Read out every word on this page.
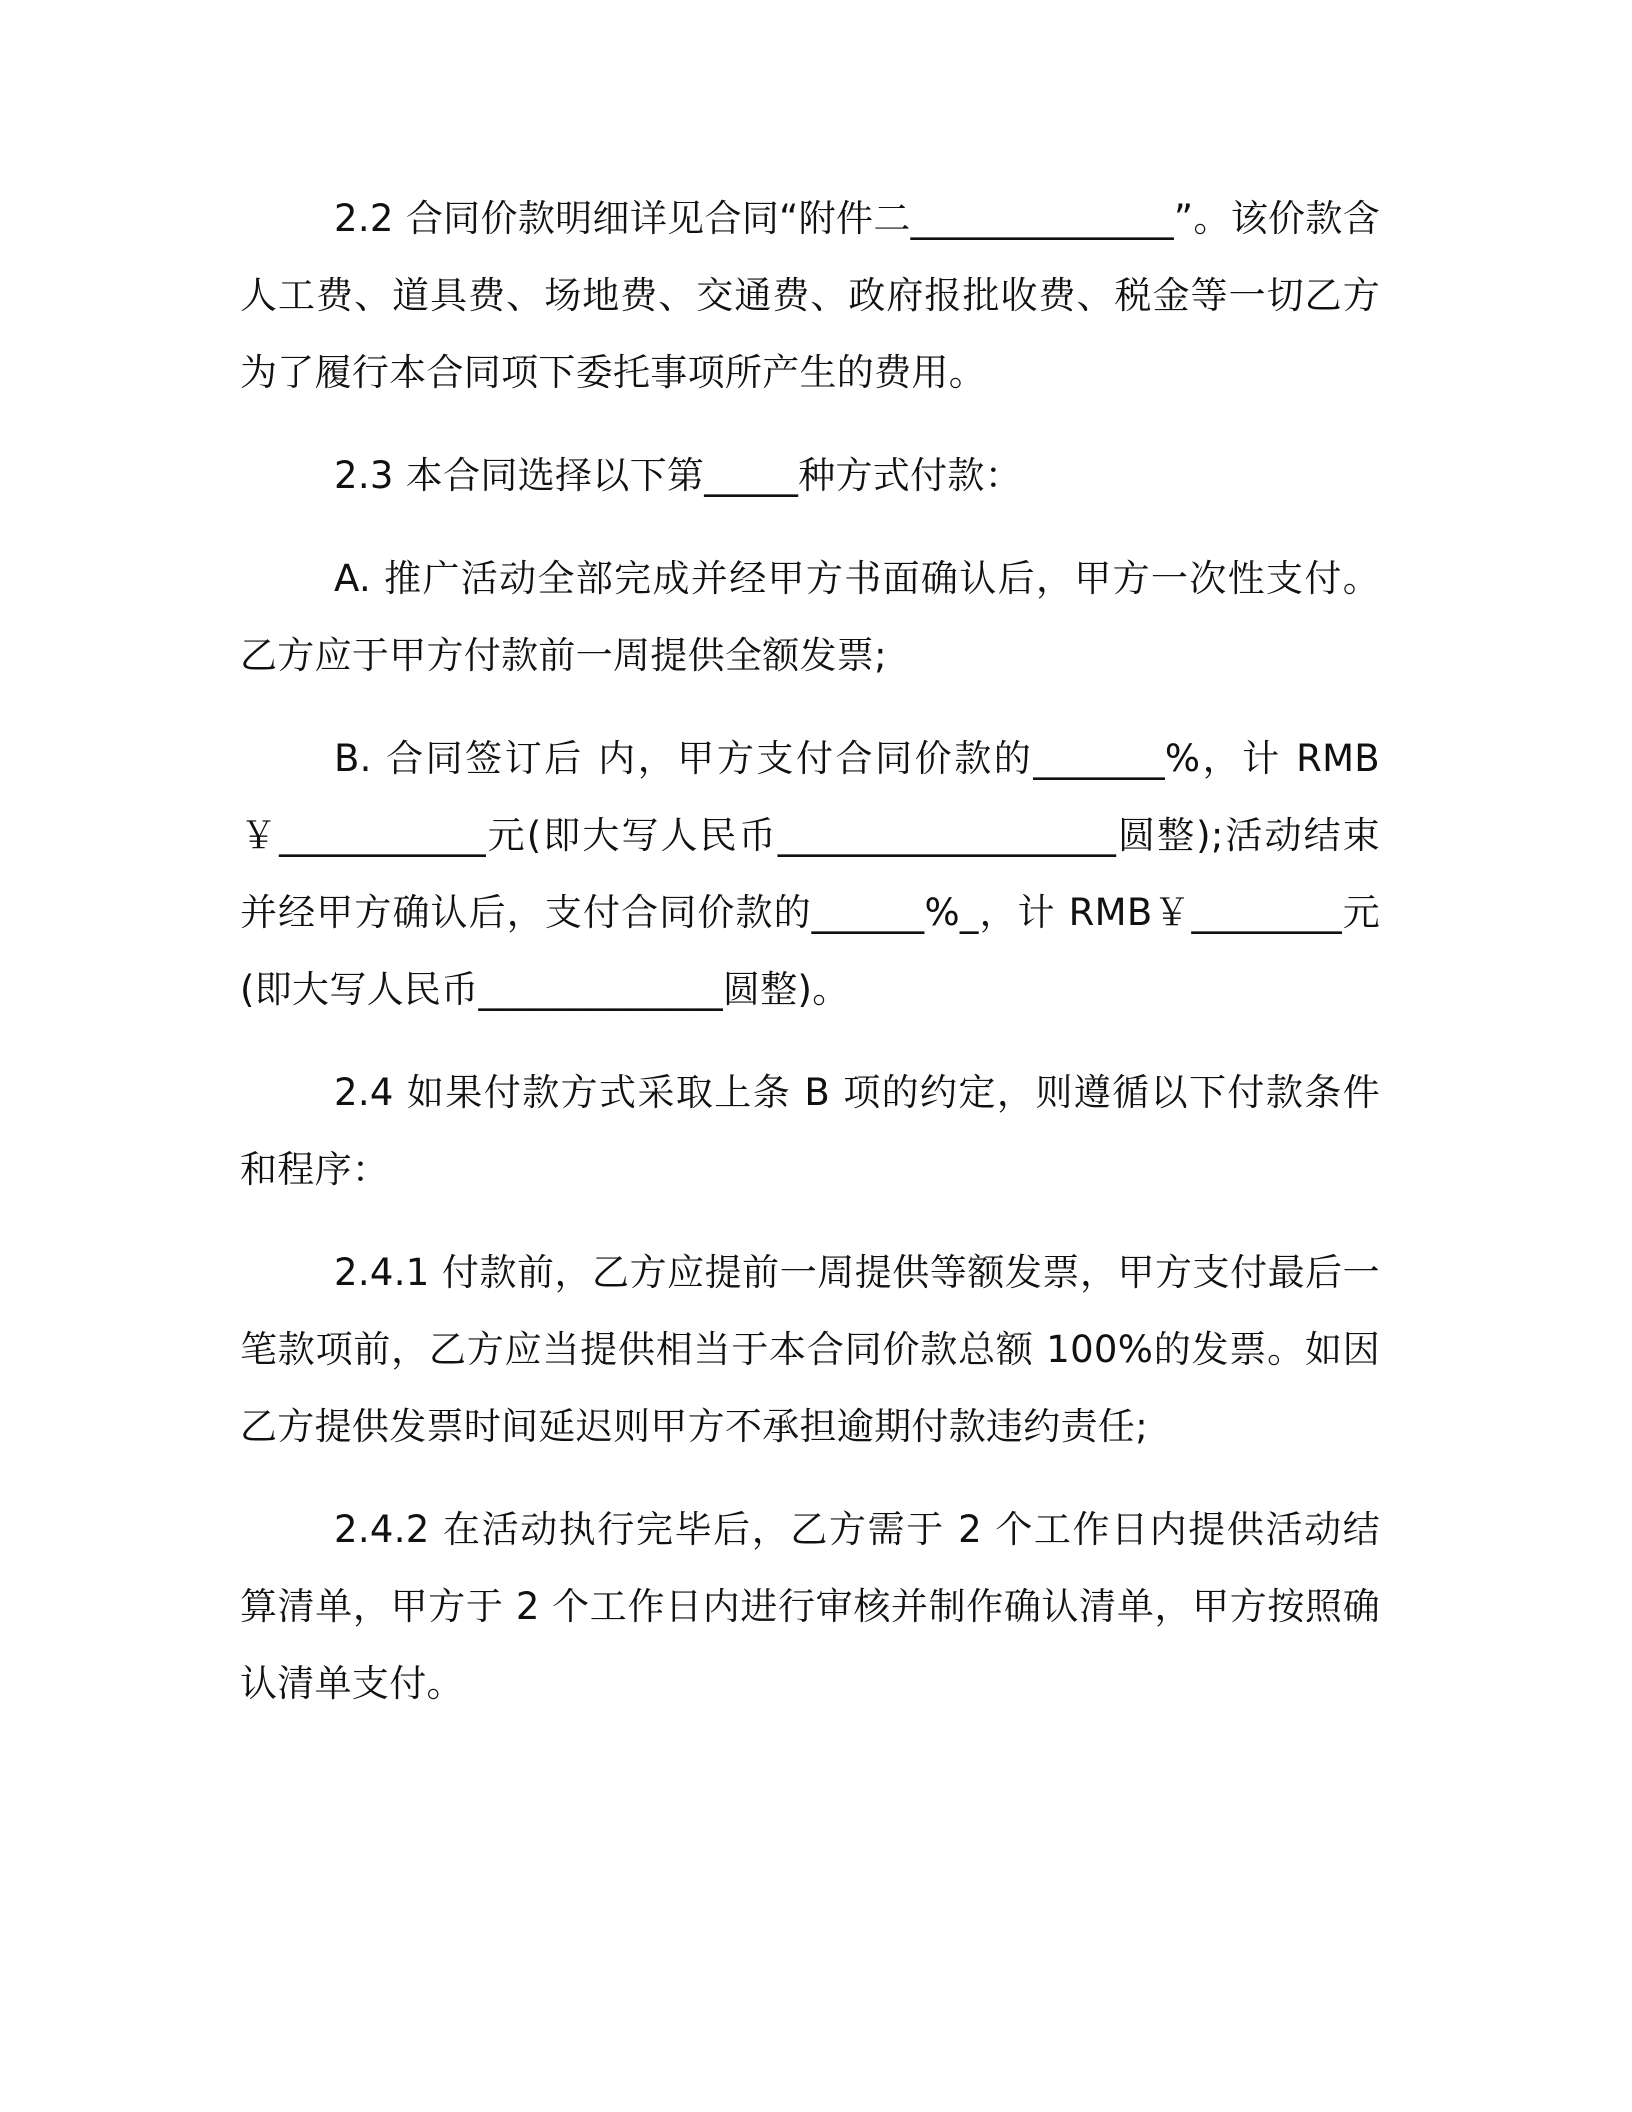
2.2 合同价款明细详见合同“附件二______________”。该价款含人工费、道具费、场地费、交通费、政府报批收费、税金等一切乙方为了履行本合同项下委托事项所产生的费用。

2.3 本合同选择以下第_____种方式付款：

A. 推广活动全部完成并经甲方书面确认后，甲方一次性支付。乙方应于甲方付款前一周提供全额发票;

B. 合同签订后 内，甲方支付合同价款的_______%，计 RMB￥___________元(即大写人民币__________________圆整);活动结束并经甲方确认后，支付合同价款的______%_，计 RMB￥________元(即大写人民币_____________圆整)。

2.4 如果付款方式采取上条 B 项的约定，则遵循以下付款条件和程序：

2.4.1 付款前，乙方应提前一周提供等额发票，甲方支付最后一笔款项前，乙方应当提供相当于本合同价款总额 100%的发票。如因乙方提供发票时间延迟则甲方不承担逾期付款违约责任;

2.4.2 在活动执行完毕后，乙方需于 2 个工作日内提供活动结算清单，甲方于 2 个工作日内进行审核并制作确认清单，甲方按照确认清单支付。
